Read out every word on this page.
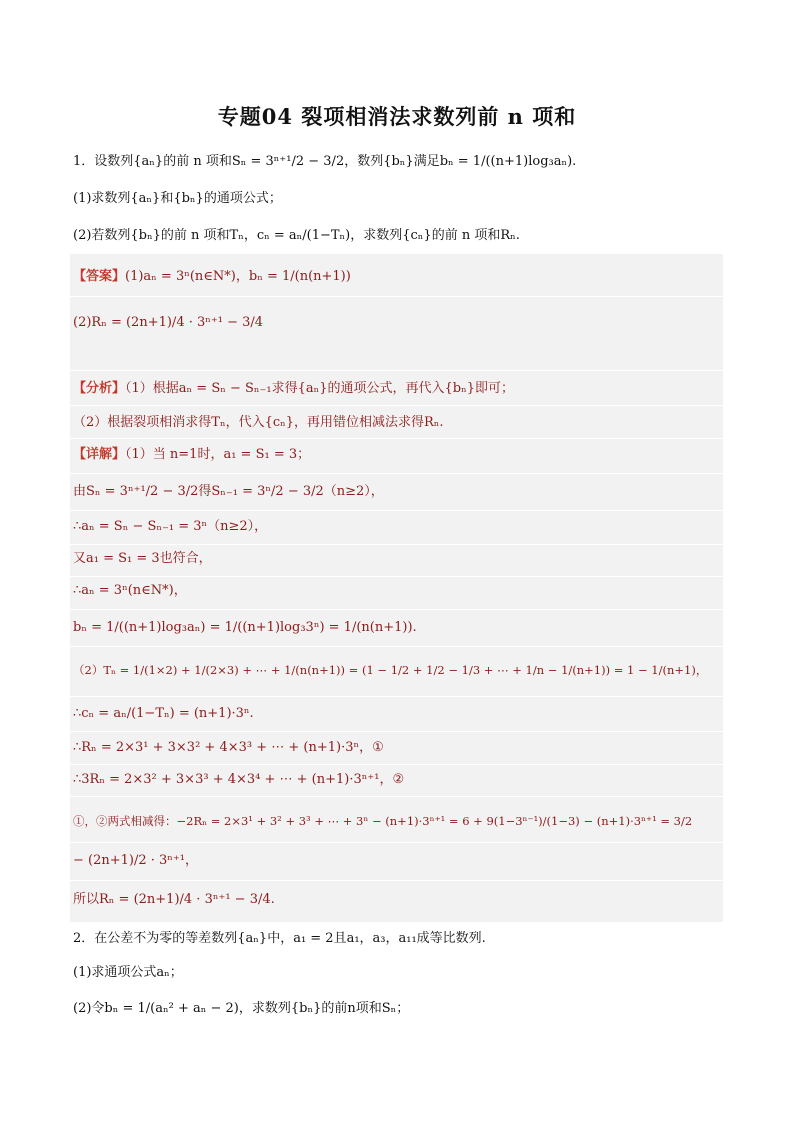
专题04 裂项相消法求数列前 n 项和
1．设数列{aₙ}的前 n 项和Sₙ = 3ⁿ⁺¹/2 − 3/2，数列{bₙ}满足bₙ = 1/((n+1)log₃aₙ).
(1)求数列{aₙ}和{bₙ}的通项公式；
(2)若数列{bₙ}的前 n 项和Tₙ，cₙ = aₙ/(1−Tₙ)，求数列{cₙ}的前 n 项和Rₙ.
【答案】(1)aₙ = 3ⁿ(n∈N*)，bₙ = 1/(n(n+1))
(2)Rₙ = (2n+1)/4 · 3ⁿ⁺¹ − 3/4
【分析】（1）根据aₙ = Sₙ − Sₙ₋₁求得{aₙ}的通项公式，再代入{bₙ}即可；
（2）根据裂项相消求得Tₙ，代入{cₙ}，再用错位相减法求得Rₙ.
【详解】（1）当 n=1时，a₁ = S₁ = 3；
由Sₙ = 3ⁿ⁺¹/2 − 3/2得Sₙ₋₁ = 3ⁿ/2 − 3/2（n≥2），
∴aₙ = Sₙ − Sₙ₋₁ = 3ⁿ（n≥2），
又a₁ = S₁ = 3也符合，
∴aₙ = 3ⁿ(n∈N*)，
bₙ = 1/((n+1)log₃aₙ) = 1/((n+1)log₃3ⁿ) = 1/(n(n+1)).
（2）Tₙ = 1/(1×2) + 1/(2×3) + ⋯ + 1/(n(n+1)) = (1 − 1/2 + 1/2 − 1/3 + ⋯ + 1/n − 1/(n+1)) = 1 − 1/(n+1)，
∴cₙ = aₙ/(1−Tₙ) = (n+1)·3ⁿ.
∴Rₙ = 2×3¹ + 3×3² + 4×3³ + ⋯ + (n+1)·3ⁿ，①
∴3Rₙ = 2×3² + 3×3³ + 4×3⁴ + ⋯ + (n+1)·3ⁿ⁺¹，②
①，②两式相减得：−2Rₙ = 2×3¹ + 3² + 3³ + ⋯ + 3ⁿ − (n+1)·3ⁿ⁺¹ = 6 + 9(1−3ⁿ⁻¹)/(1−3) − (n+1)·3ⁿ⁺¹ = 3/2
− (2n+1)/2 · 3ⁿ⁺¹，
所以Rₙ = (2n+1)/4 · 3ⁿ⁺¹ − 3/4.
2．在公差不为零的等差数列{aₙ}中，a₁ = 2且a₁，a₃，a₁₁成等比数列.
(1)求通项公式aₙ；
(2)令bₙ = 1/(aₙ² + aₙ − 2)，求数列{bₙ}的前n项和Sₙ；
